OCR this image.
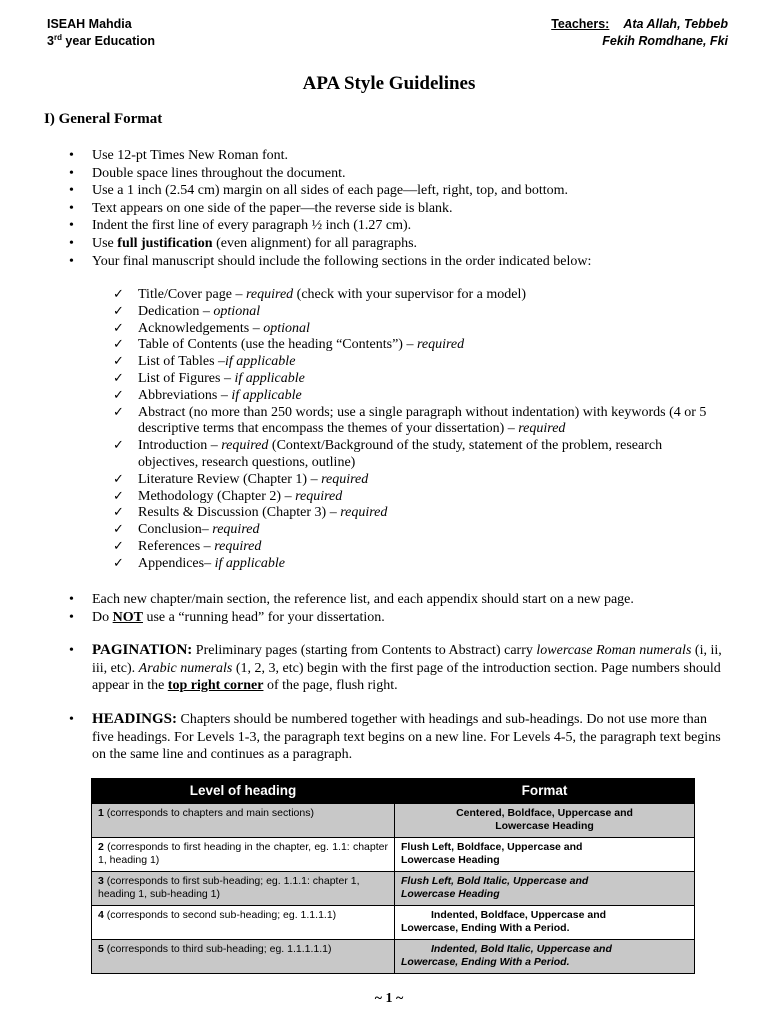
ISEAH Mahdia
3rd year Education
Teachers: Ata Allah, Tebbeb
Fekih Romdhane, Fki
APA Style Guidelines
I) General Format
• Use 12-pt Times New Roman font.
• Double space lines throughout the document.
• Use a 1 inch (2.54 cm) margin on all sides of each page—left, right, top, and bottom.
• Text appears on one side of the paper—the reverse side is blank.
• Indent the first line of every paragraph ½ inch (1.27 cm).
• Use full justification (even alignment) for all paragraphs.
• Your final manuscript should include the following sections in the order indicated below:
✓ Title/Cover page – required (check with your supervisor for a model)
✓ Dedication – optional
✓ Acknowledgements – optional
✓ Table of Contents (use the heading “Contents”) – required
✓ List of Tables –if applicable
✓ List of Figures – if applicable
✓ Abbreviations – if applicable
✓ Abstract (no more than 250 words; use a single paragraph without indentation) with keywords (4 or 5 descriptive terms that encompass the themes of your dissertation) – required
✓ Introduction – required (Context/Background of the study, statement of the problem, research objectives, research questions, outline)
✓ Literature Review (Chapter 1) – required
✓ Methodology (Chapter 2) – required
✓ Results & Discussion (Chapter 3) – required
✓ Conclusion– required
✓ References – required
✓ Appendices– if applicable
• Each new chapter/main section, the reference list, and each appendix should start on a new page.
• Do NOT use a “running head” for your dissertation.
• PAGINATION: Preliminary pages (starting from Contents to Abstract) carry lowercase Roman numerals (i, ii, iii, etc). Arabic numerals (1, 2, 3, etc) begin with the first page of the introduction section. Page numbers should appear in the top right corner of the page, flush right.
• HEADINGS: Chapters should be numbered together with headings and sub-headings. Do not use more than five headings. For Levels 1-3, the paragraph text begins on a new line. For Levels 4-5, the paragraph text begins on the same line and continues as a paragraph.
Level of heading	Format
1 (corresponds to chapters and main sections)	Centered, Boldface, Uppercase and Lowercase Heading
2 (corresponds to first heading in the chapter, eg. 1.1: chapter 1, heading 1)	Flush Left, Boldface, Uppercase and Lowercase Heading
3 (corresponds to first sub-heading; eg. 1.1.1: chapter 1, heading 1, sub-heading 1)	Flush Left, Bold Italic, Uppercase and Lowercase Heading
4 (corresponds to second sub-heading; eg. 1.1.1.1)	Indented, Boldface, Uppercase and Lowercase, Ending With a Period.
5 (corresponds to third sub-heading; eg. 1.1.1.1.1)	Indented, Bold Italic, Uppercase and Lowercase, Ending With a Period.
~ 1 ~
